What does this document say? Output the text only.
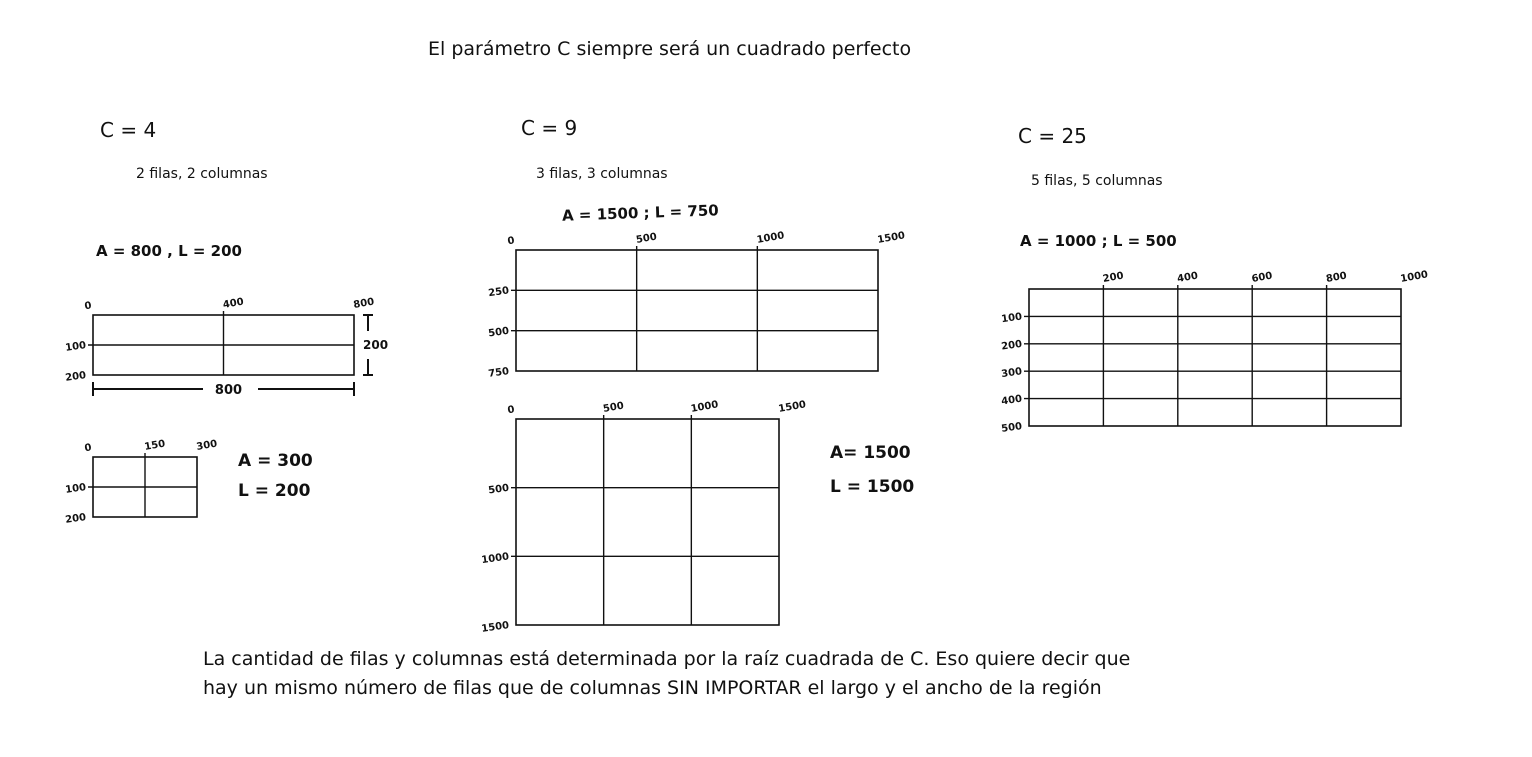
El parámetro C siempre será un cuadrado perfecto
C = 4
2 filas, 2 columnas
A = 800 , L = 200
A = 300
L = 200
C = 9
3 filas, 3 columnas
A = 1500 ; L = 750
A= 1500
L = 1500
C = 25
5 filas, 5 columnas
A = 1000 ; L = 500
La cantidad de filas y columnas está determinada por la raíz cuadrada de C. Eso quiere decir que
hay un mismo número de filas que de columnas SIN IMPORTAR el largo y el ancho de la región
0	400	800
100
200
800
200
0	150	300
100
200
0	500	1000	1500
250
500
750
0	500	1000	1500
500
1000
1500
200	400	600	800	1000
100
200
300
400
500
